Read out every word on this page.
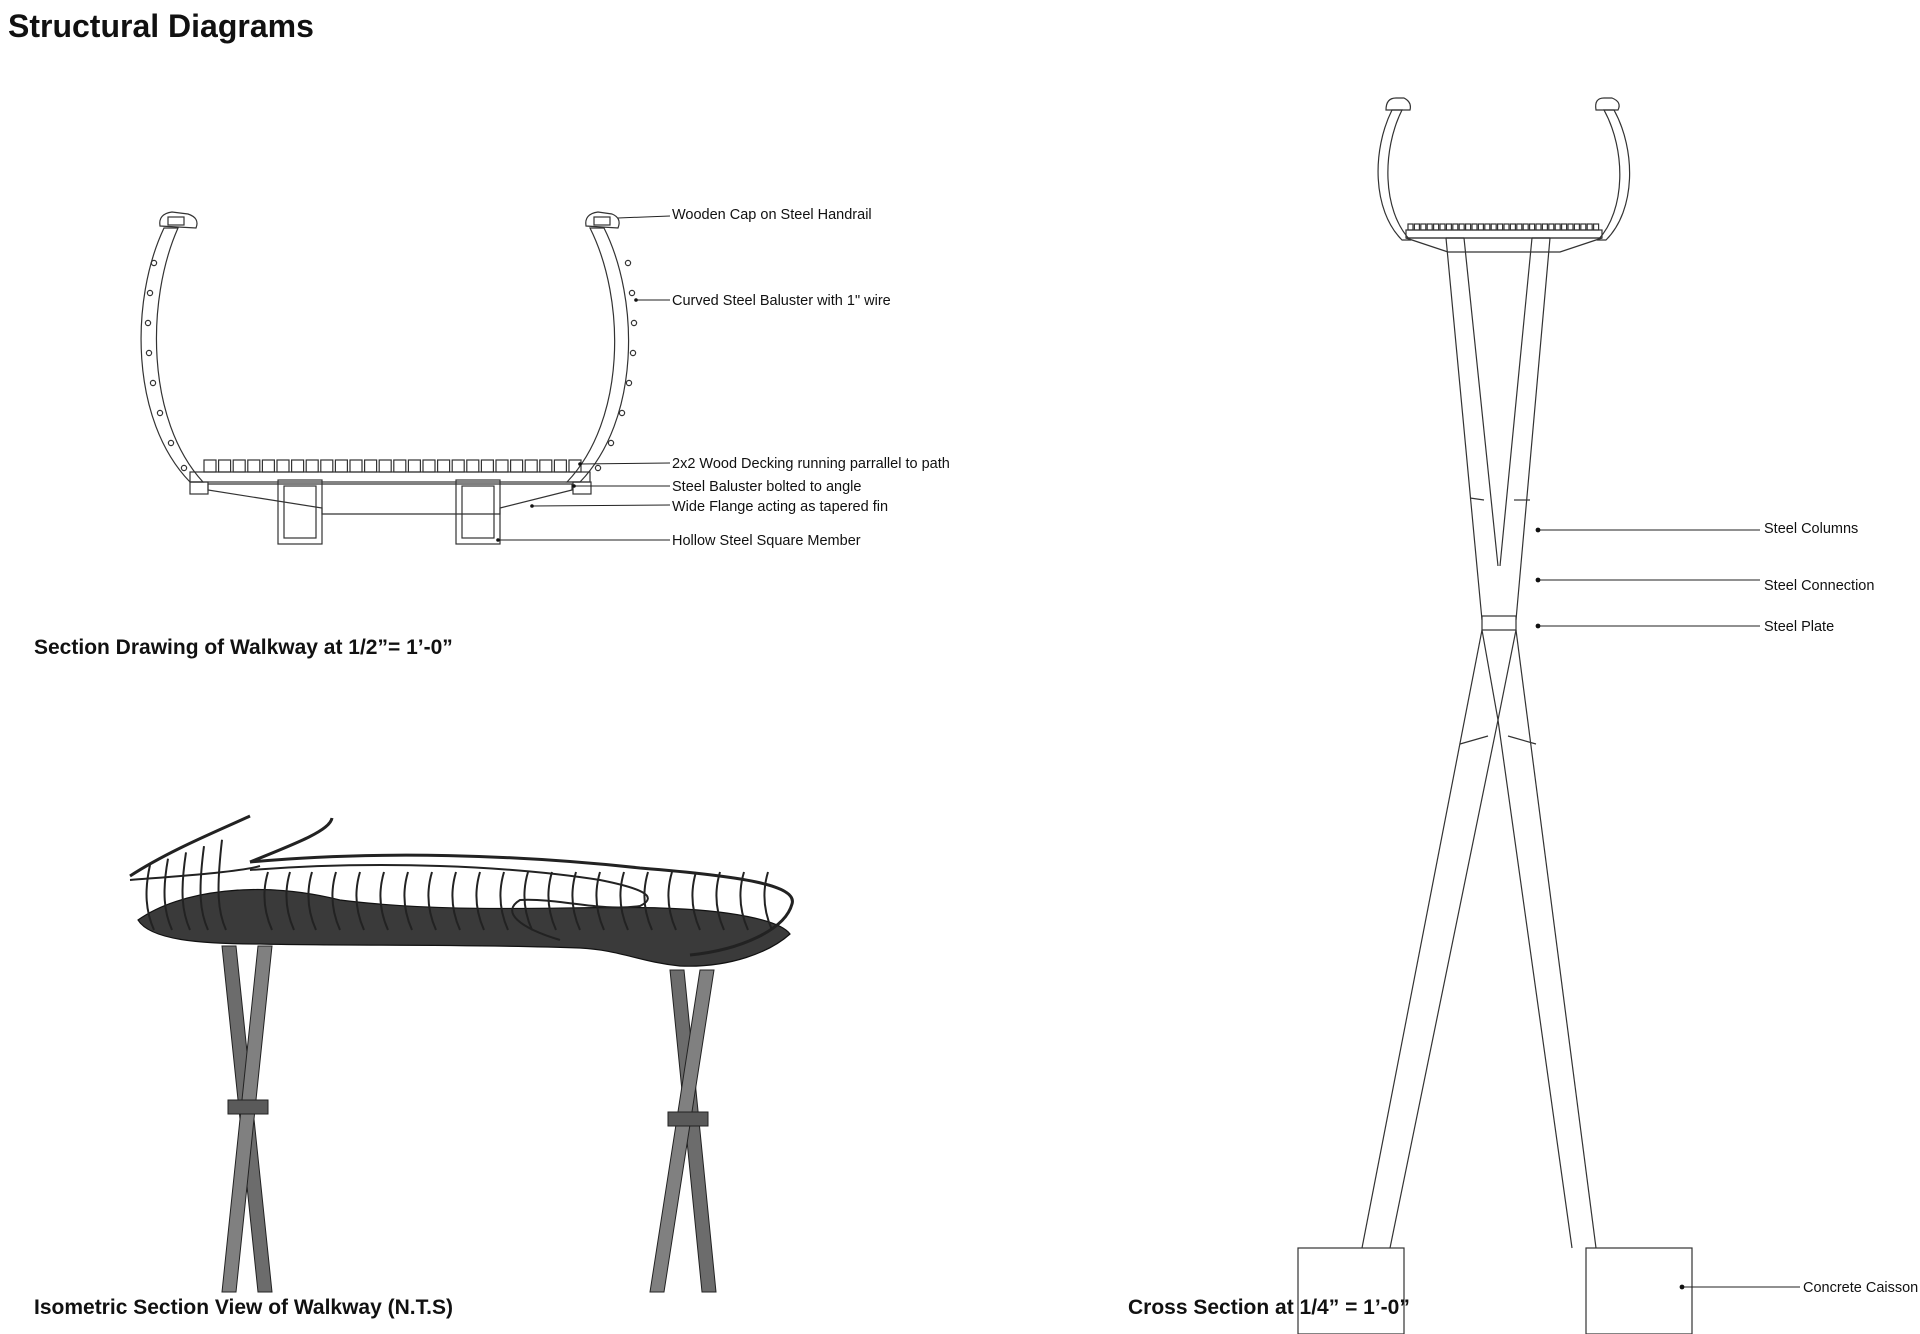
Structural Diagrams
Wooden Cap on Steel Handrail
Curved Steel Baluster with 1" wire
2x2 Wood Decking running parrallel to path
Steel Baluster bolted to angle
Wide Flange acting as tapered fin
Hollow Steel Square Member
Steel Columns
Steel Connection
Steel Plate
Concrete Caisson
Section Drawing of Walkway at 1/2”= 1’-0”
Isometric Section View of Walkway (N.T.S)	Cross Section at 1/4” = 1’-0”
